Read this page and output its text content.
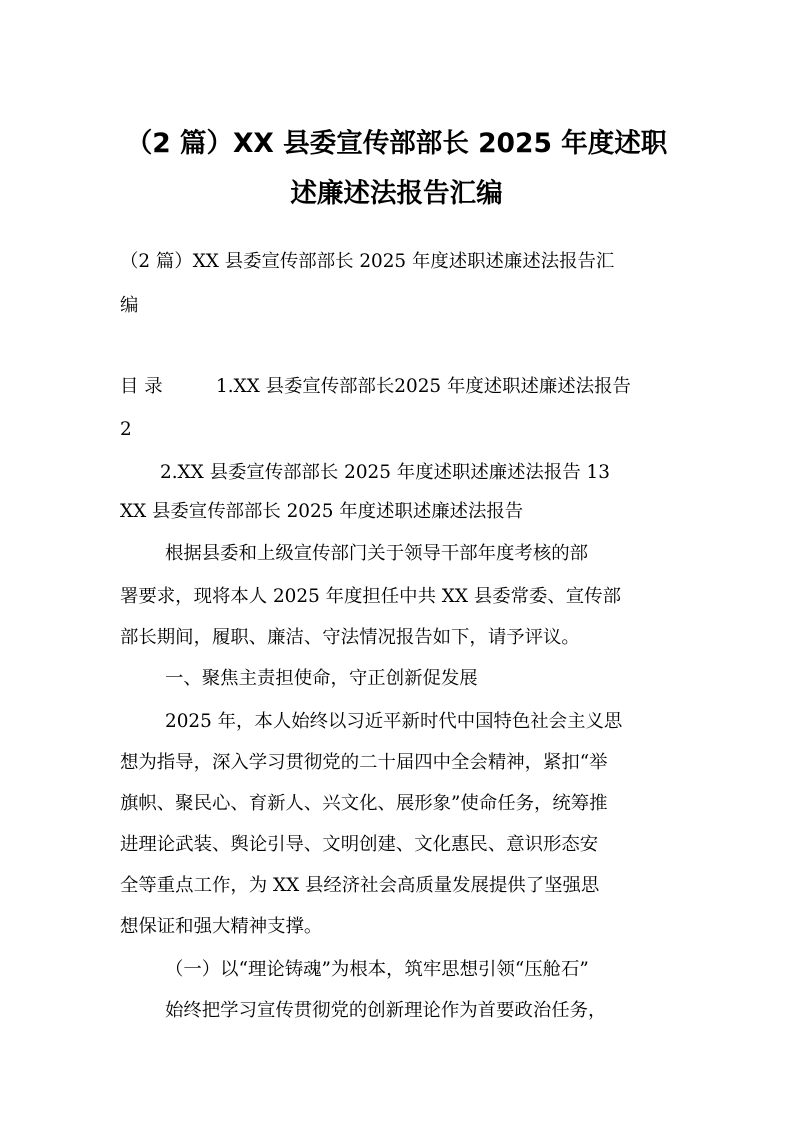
（2 篇）XX 县委宣传部部长 2025 年度述职
述廉述法报告汇编
（2 篇）XX 县委宣传部部长 2025 年度述职述廉述法报告汇
编
目 录	1.XX 县委宣传部部长2025 年度述职述廉述法报告
2
2.XX 县委宣传部部长 2025 年度述职述廉述法报告 13
XX 县委宣传部部长 2025 年度述职述廉述法报告
根据县委和上级宣传部门关于领导干部年度考核的部
署要求，现将本人 2025 年度担任中共 XX 县委常委、宣传部
部长期间，履职、廉洁、守法情况报告如下，请予评议。
一、聚焦主责担使命，守正创新促发展
2025 年，本人始终以习近平新时代中国特色社会主义思
想为指导，深入学习贯彻党的二十届四中全会精神，紧扣“举
旗帜、聚民心、育新人、兴文化、展形象”使命任务，统筹推
进理论武装、舆论引导、文明创建、文化惠民、意识形态安
全等重点工作，为 XX 县经济社会高质量发展提供了坚强思
想保证和强大精神支撑。
（一）以“理论铸魂”为根本，筑牢思想引领“压舱石”
始终把学习宣传贯彻党的创新理论作为首要政治任务，
